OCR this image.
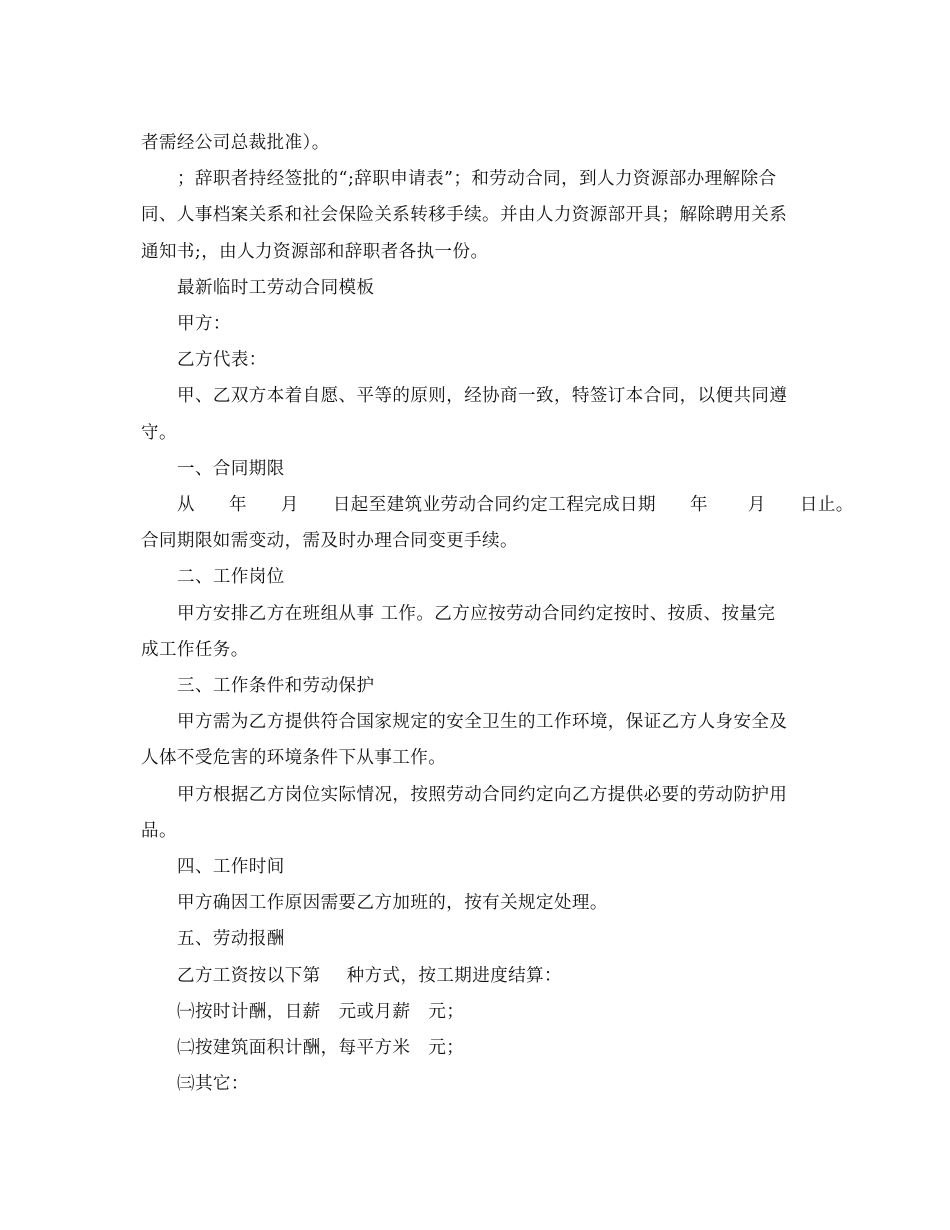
者需经公司总裁批准）。

；辞职者持经签批的“;辞职申请表”；和劳动合同，到人力资源部办理解除合

同、人事档案关系和社会保险关系转移手续。并由人力资源部开具；解除聘用关系

通知书;，由人力资源部和辞职者各执一份。

最新临时工劳动合同模板

甲方：

乙方代表：

甲、乙双方本着自愿、平等的原则，经协商一致，特签订本合同，以便共同遵

守。

一、合同期限

从 年 月 日起至建筑业劳动合同约定工程完成日期 年 月 日止。

合同期限如需变动，需及时办理合同变更手续。

二、工作岗位

甲方安排乙方在班组从事 工作。乙方应按劳动合同约定按时、按质、按量完

成工作任务。

三、工作条件和劳动保护

甲方需为乙方提供符合国家规定的安全卫生的工作环境，保证乙方人身安全及

人体不受危害的环境条件下从事工作。

甲方根据乙方岗位实际情况，按照劳动合同约定向乙方提供必要的劳动防护用

品。

四、工作时间

甲方确因工作原因需要乙方加班的，按有关规定处理。

五、劳动报酬

乙方工资按以下第 种方式，按工期进度结算：

㈠按时计酬，日薪 元或月薪 元；

㈡按建筑面积计酬，每平方米 元；

㈢其它：
